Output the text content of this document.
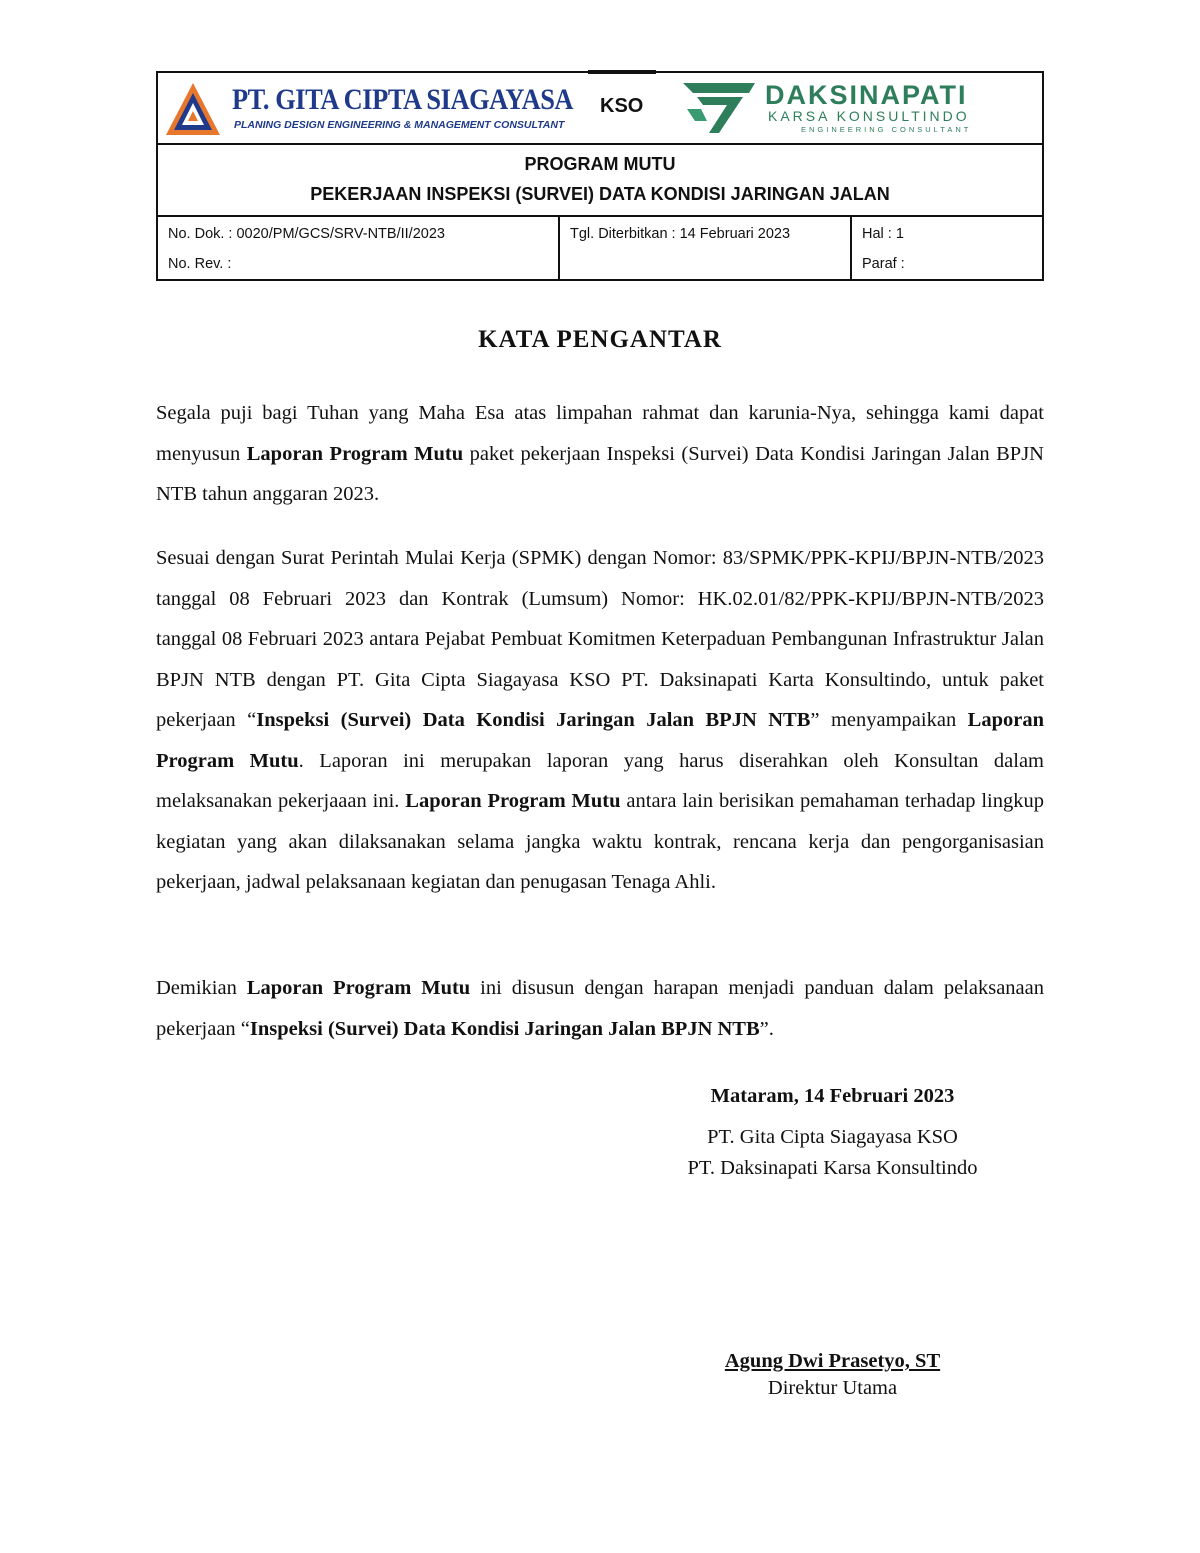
PT. GITA CIPTA SIAGAYASA
PLANING DESIGN ENGINEERING & MANAGEMENT CONSULTANT
KSO	DAKSINAPATI
KARSA KONSULTINDO
ENGINEERING CONSULTANT
PROGRAM MUTU
PEKERJAAN INSPEKSI (SURVEI) DATA KONDISI JARINGAN JALAN

No. Dok. : 0020/PM/GCS/SRV-NTB/II/2023

No. Rev. :

Tgl. Diterbitkan : 14 Februari 2023	Hal : 1

Paraf :

KATA PENGANTAR

Segala puji bagi Tuhan yang Maha Esa atas limpahan rahmat dan karunia-Nya, sehingga kami dapat menyusun Laporan Program Mutu paket pekerjaan Inspeksi (Survei) Data Kondisi Jaringan Jalan BPJN NTB tahun anggaran 2023.

Sesuai dengan Surat Perintah Mulai Kerja (SPMK) dengan Nomor: 83/SPMK/PPK-KPIJ/BPJN-NTB/2023 tanggal 08 Februari 2023 dan Kontrak (Lumsum) Nomor: HK.02.01/82/PPK-KPIJ/BPJN-NTB/2023 tanggal 08 Februari 2023 antara Pejabat Pembuat Komitmen Keterpaduan Pembangunan Infrastruktur Jalan BPJN NTB dengan PT. Gita Cipta Siagayasa KSO PT. Daksinapati Karta Konsultindo, untuk paket pekerjaan “Inspeksi (Survei) Data Kondisi Jaringan Jalan BPJN NTB” menyampaikan Laporan Program Mutu. Laporan ini merupakan laporan yang harus diserahkan oleh Konsultan dalam melaksanakan pekerjaaan ini. Laporan Program Mutu antara lain berisikan pemahaman terhadap lingkup kegiatan yang akan dilaksanakan selama jangka waktu kontrak, rencana kerja dan pengorganisasian pekerjaan, jadwal pelaksanaan kegiatan dan penugasan Tenaga Ahli.

Demikian Laporan Program Mutu ini disusun dengan harapan menjadi panduan dalam pelaksanaan pekerjaan “Inspeksi (Survei) Data Kondisi Jaringan Jalan BPJN NTB”.

Mataram, 14 Februari 2023
PT. Gita Cipta Siagayasa KSO
PT. Daksinapati Karsa Konsultindo
Agung Dwi Prasetyo, ST
Direktur Utama
